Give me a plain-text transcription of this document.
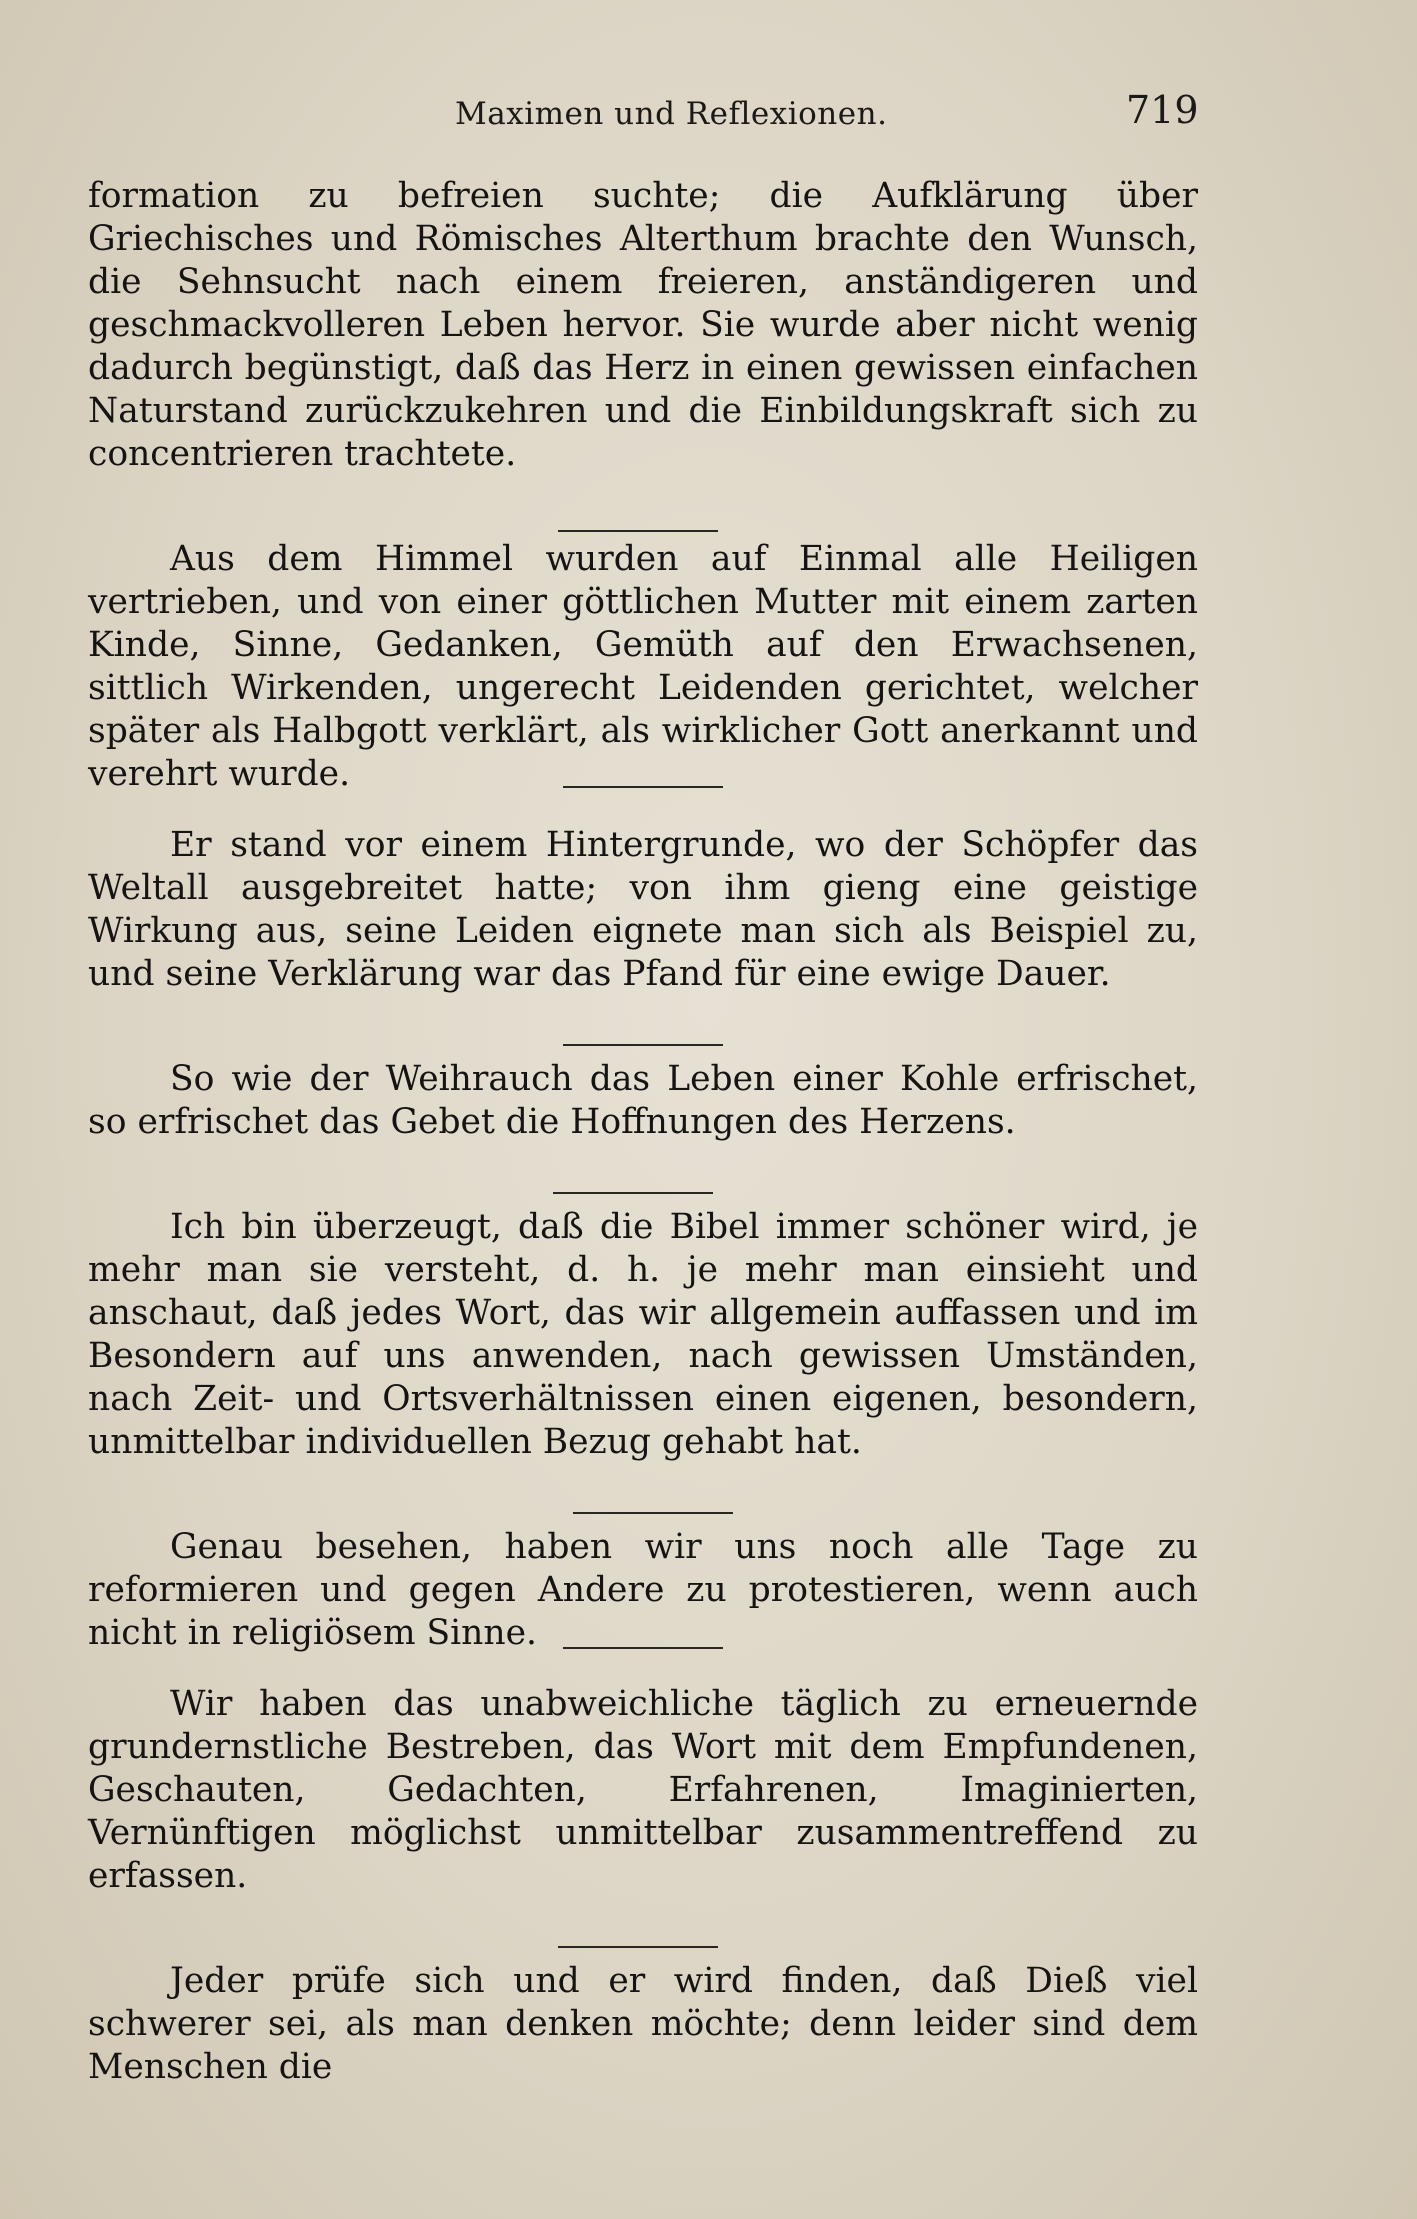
Maximen und Reflexionen.	719

formation zu befreien suchte; die Aufklärung über Griechisches und Römisches Alterthum brachte den Wunsch, die Sehnsucht nach einem freieren, anständigeren und geschmackvolleren Leben hervor. Sie wurde aber nicht wenig dadurch begünstigt, daß das Herz in einen gewissen einfachen Naturstand zurückzukehren und die Einbildungskraft sich zu concentrieren trachtete.

Aus dem Himmel wurden auf Einmal alle Heiligen vertrieben, und von einer göttlichen Mutter mit einem zarten Kinde, Sinne, Gedanken, Gemüth auf den Erwachsenen, sittlich Wirkenden, ungerecht Leidenden gerichtet, welcher später als Halbgott verklärt, als wirklicher Gott anerkannt und verehrt wurde.

Er stand vor einem Hintergrunde, wo der Schöpfer das Weltall ausgebreitet hatte; von ihm gieng eine geistige Wirkung aus, seine Leiden eignete man sich als Beispiel zu, und seine Verklärung war das Pfand für eine ewige Dauer.

So wie der Weihrauch das Leben einer Kohle erfrischet, so erfrischet das Gebet die Hoffnungen des Herzens.

Ich bin überzeugt, daß die Bibel immer schöner wird, je mehr man sie versteht, d. h. je mehr man einsieht und anschaut, daß jedes Wort, das wir allgemein auffassen und im Besondern auf uns anwenden, nach gewissen Umständen, nach Zeit- und Ortsverhältnissen einen eigenen, besondern, unmittelbar individuellen Bezug gehabt hat.

Genau besehen, haben wir uns noch alle Tage zu reformieren und gegen Andere zu protestieren, wenn auch nicht in religiösem Sinne.

Wir haben das unabweichliche täglich zu erneuernde grundernstliche Bestreben, das Wort mit dem Empfundenen, Geschauten, Gedachten, Erfahrenen, Imaginierten, Vernünftigen möglichst unmittelbar zusammentreffend zu erfassen.

Jeder prüfe sich und er wird finden, daß Dieß viel schwerer sei, als man denken möchte; denn leider sind dem Menschen die
